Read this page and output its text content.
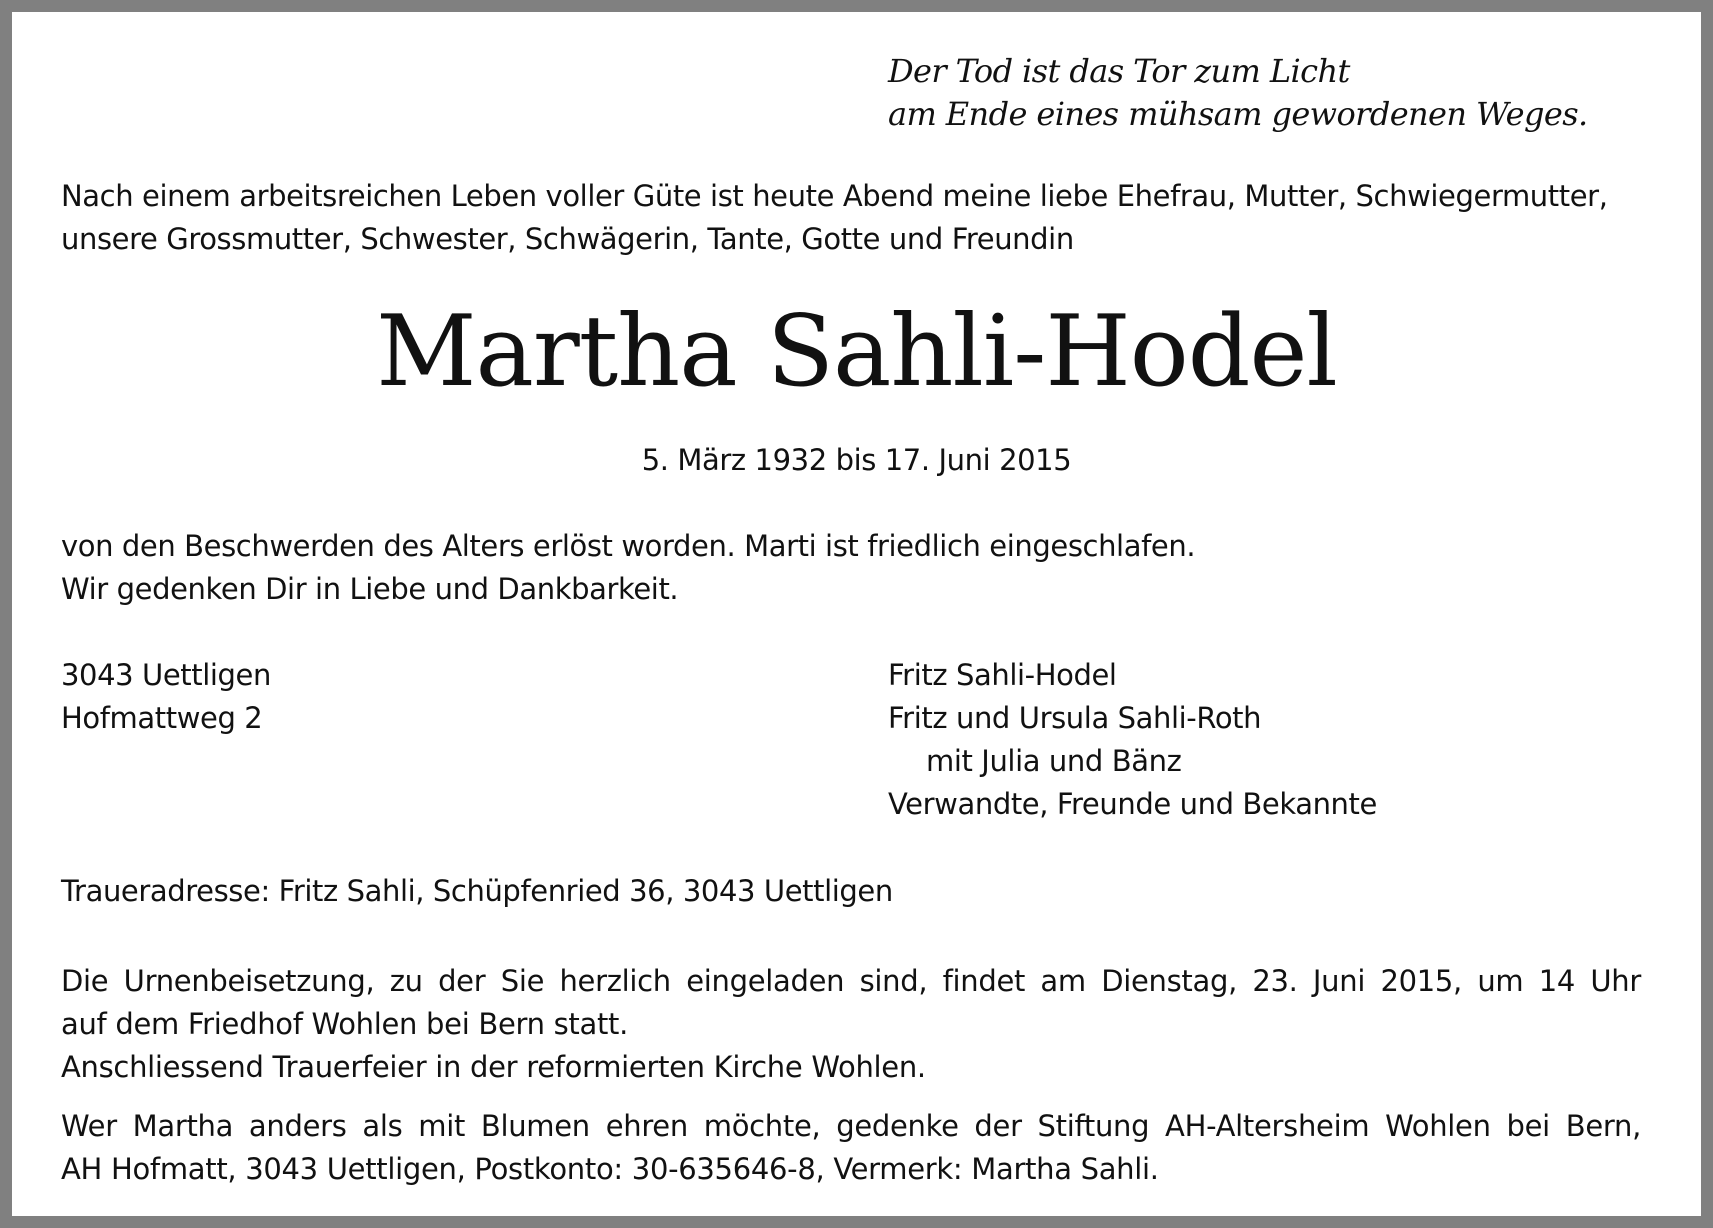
Der Tod ist das Tor zum Licht
am Ende eines mühsam gewordenen Weges.
Nach einem arbeitsreichen Leben voller Güte ist heute Abend meine liebe Ehefrau, Mutter, Schwiegermutter,
unsere Grossmutter, Schwester, Schwägerin, Tante, Gotte und Freundin
Martha Sahli-Hodel
5. März 1932 bis 17. Juni 2015
von den Beschwerden des Alters erlöst worden. Marti ist friedlich eingeschlafen.
Wir gedenken Dir in Liebe und Dankbarkeit.
3043 Uettligen
Hofmattweg 2
Fritz Sahli-Hodel
Fritz und Ursula Sahli-Roth
mit Julia und Bänz
Verwandte, Freunde und Bekannte
Traueradresse: Fritz Sahli, Schüpfenried 36, 3043 Uettligen
Die Urnenbeisetzung, zu der Sie herzlich eingeladen sind, findet am Dienstag, 23. Juni 2015, um 14 Uhr
auf dem Friedhof Wohlen bei Bern statt.
Anschliessend Trauerfeier in der reformierten Kirche Wohlen.
Wer Martha anders als mit Blumen ehren möchte, gedenke der Stiftung AH-Altersheim Wohlen bei Bern,
AH Hofmatt, 3043 Uettligen, Postkonto: 30-635646-8, Vermerk: Martha Sahli.
